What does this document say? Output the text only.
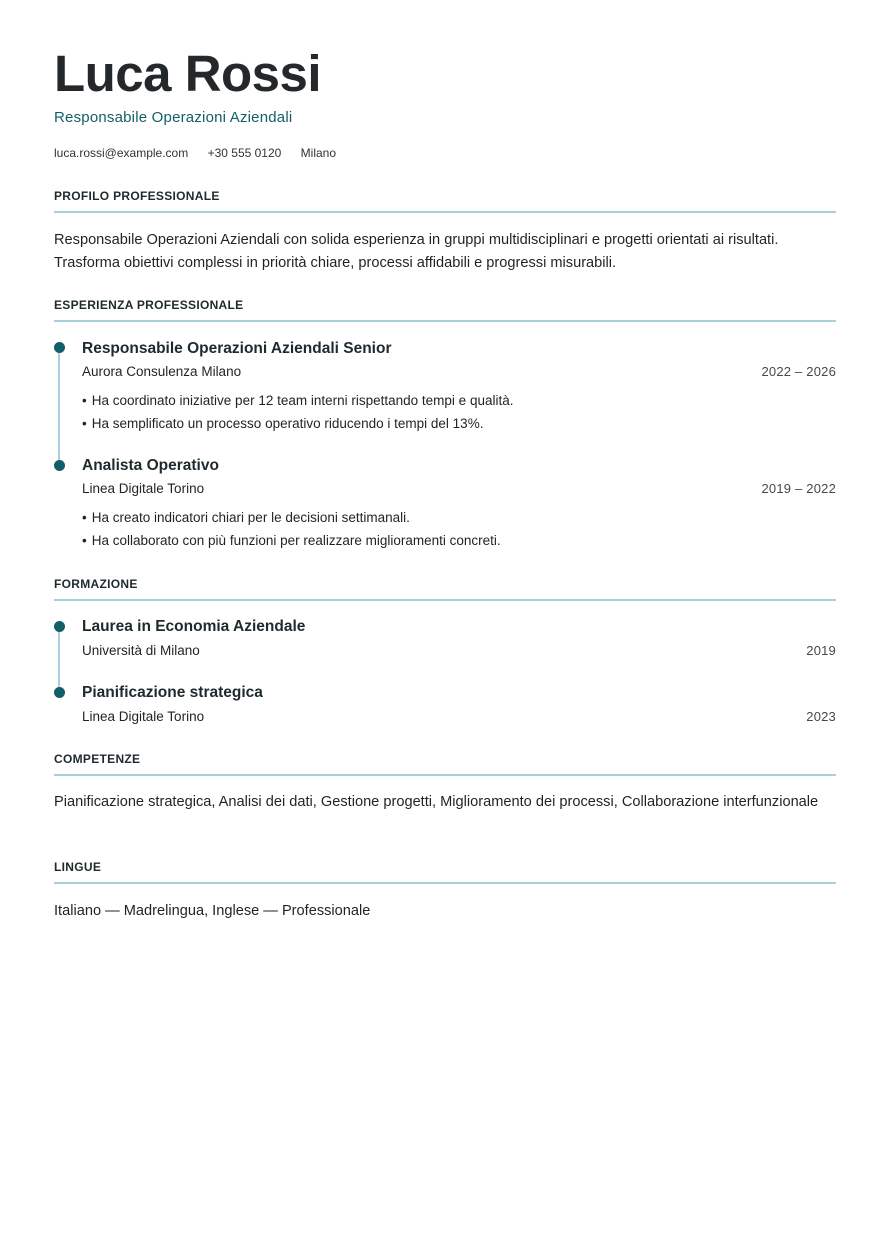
Luca Rossi
Responsabile Operazioni Aziendali
luca.rossi@example.com +30 555 0120 Milano
PROFILO PROFESSIONALE
Responsabile Operazioni Aziendali con solida esperienza in gruppi multidisciplinari e progetti orientati ai risultati. Trasforma obiettivi complessi in priorità chiare, processi affidabili e progressi misurabili.
ESPERIENZA PROFESSIONALE
Responsabile Operazioni Aziendali Senior
Aurora Consulenza Milano	2022 – 2026
• Ha coordinato iniziative per 12 team interni rispettando tempi e qualità.
• Ha semplificato un processo operativo riducendo i tempi del 13%.
Analista Operativo
Linea Digitale Torino	2019 – 2022
• Ha creato indicatori chiari per le decisioni settimanali.
• Ha collaborato con più funzioni per realizzare miglioramenti concreti.
FORMAZIONE
Laurea in Economia Aziendale
Università di Milano	2019
Pianificazione strategica
Linea Digitale Torino	2023
COMPETENZE
Pianificazione strategica, Analisi dei dati, Gestione progetti, Miglioramento dei processi, Collaborazione interfunzionale
LINGUE
Italiano — Madrelingua, Inglese — Professionale
